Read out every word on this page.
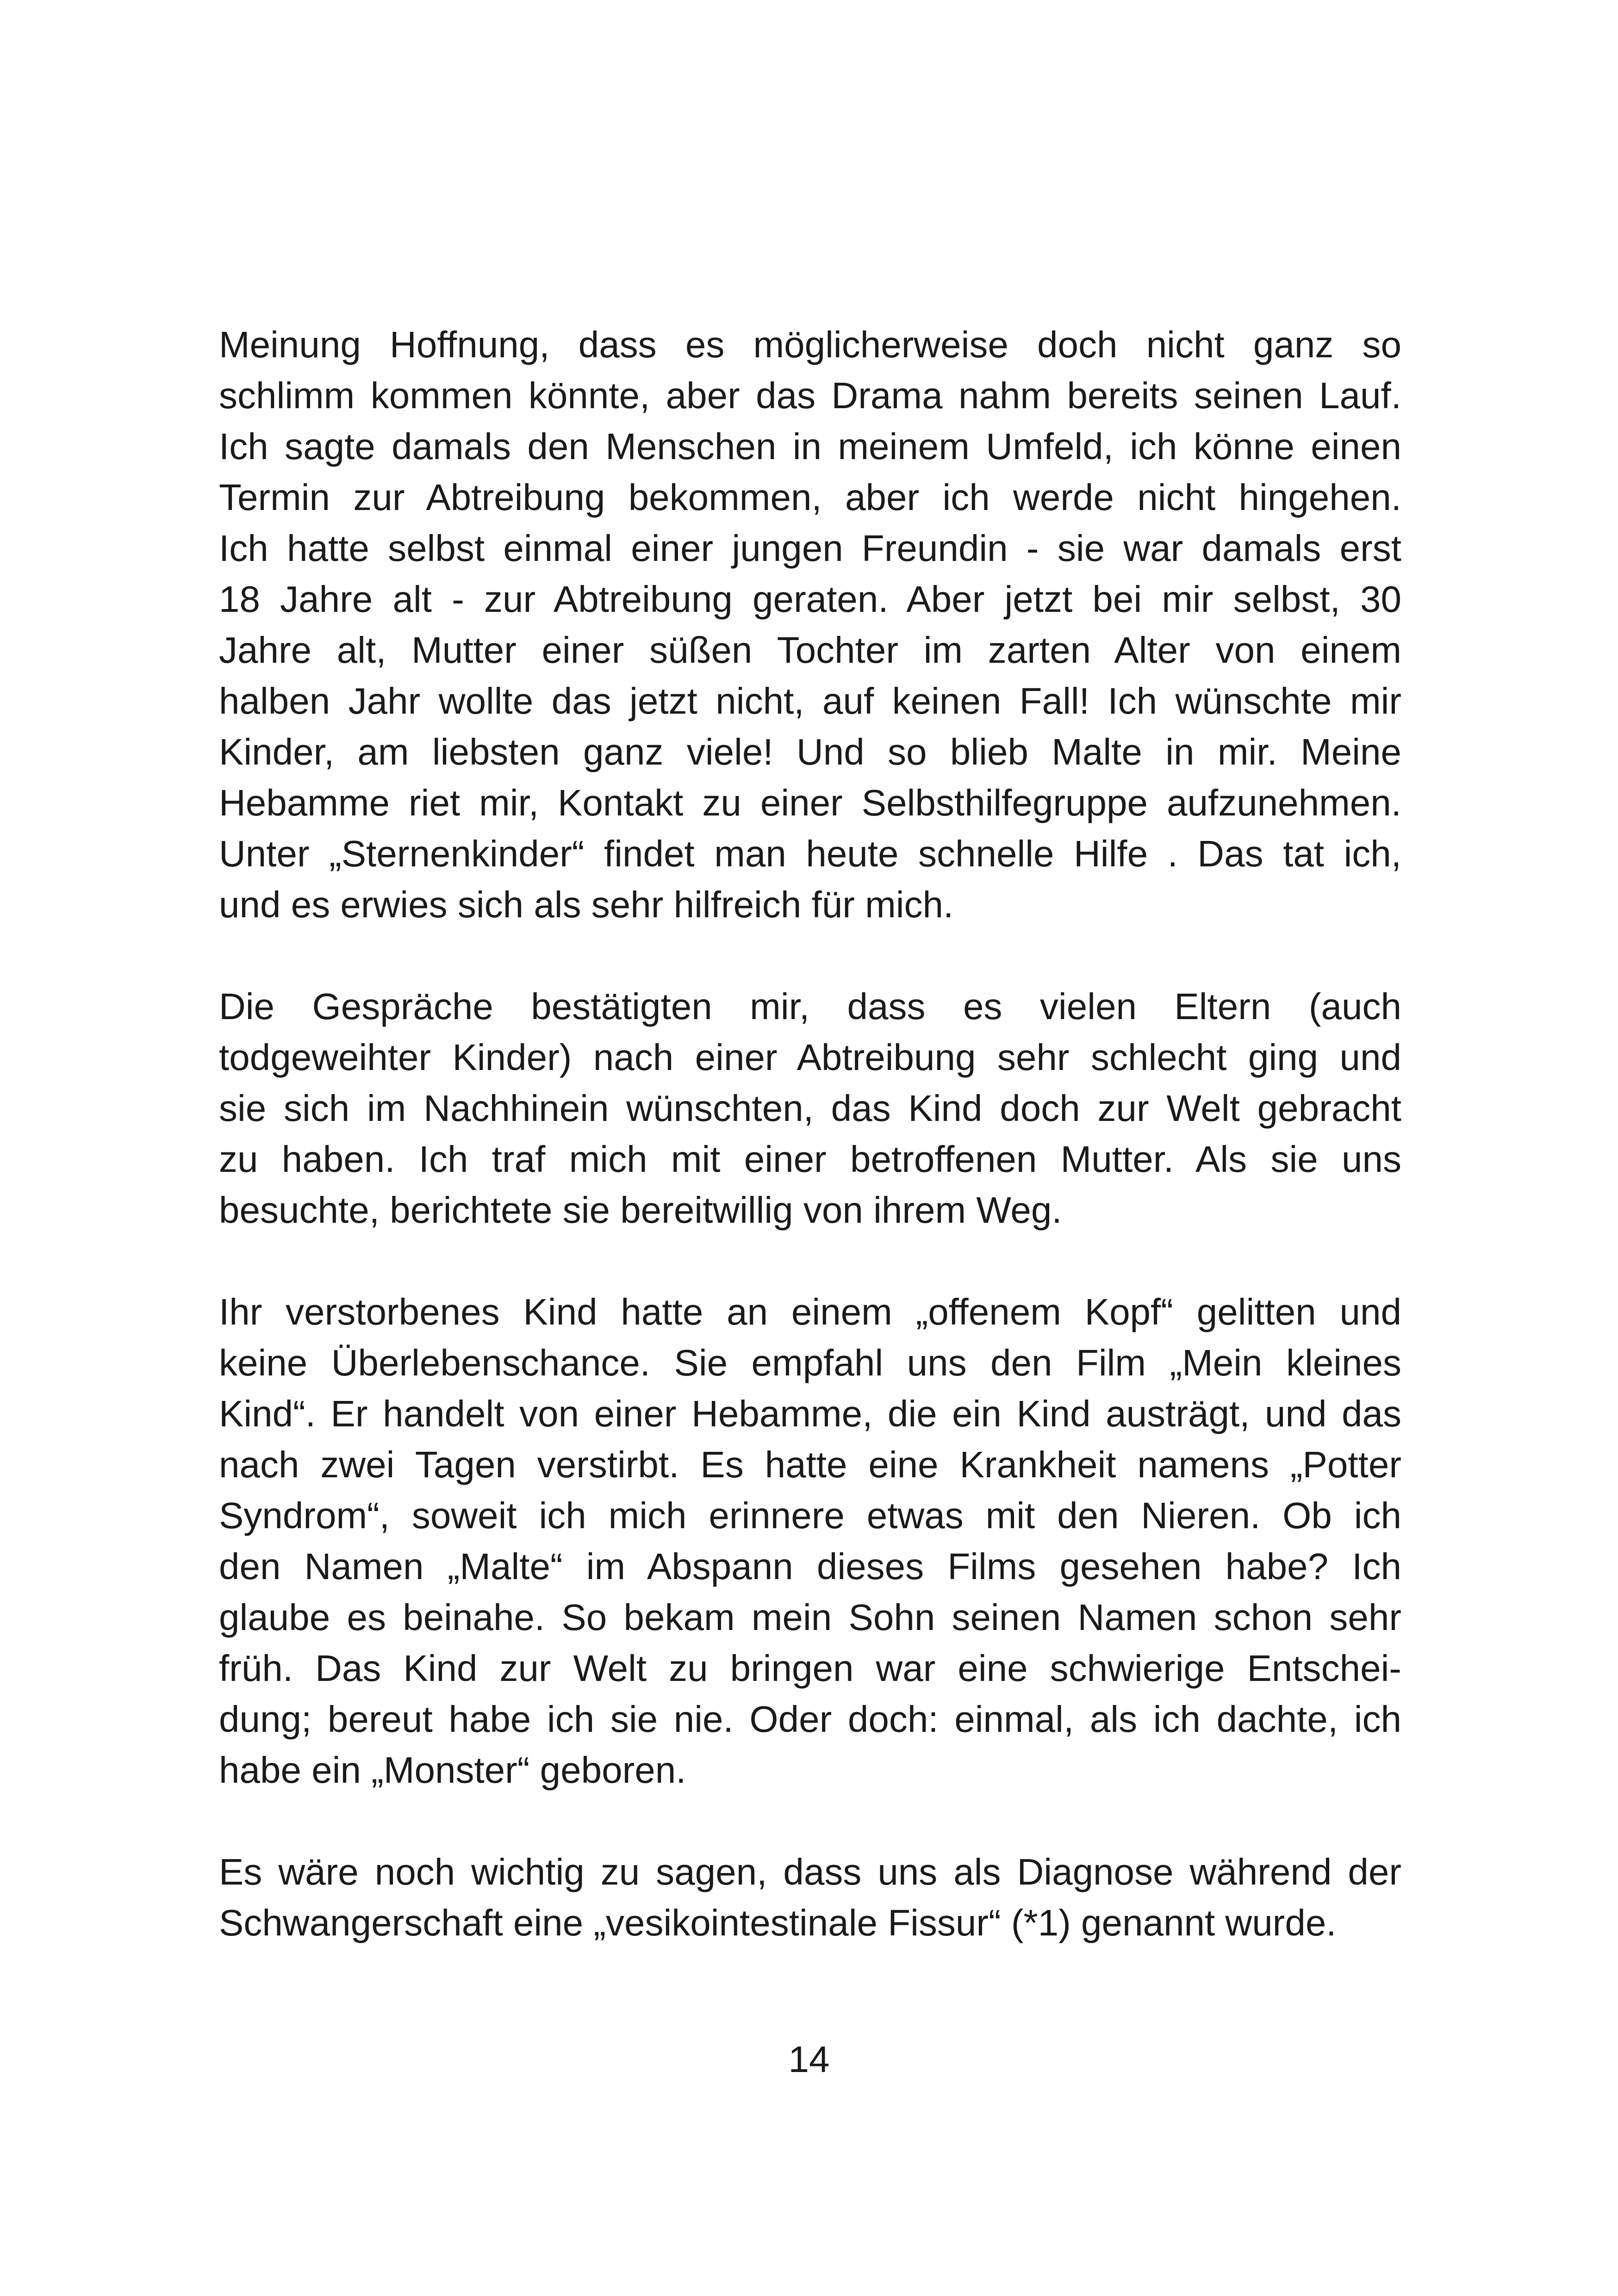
Meinung Hoffnung, dass es möglicherweise doch nicht ganz so
schlimm kommen könnte, aber das Drama nahm bereits seinen Lauf.
Ich sagte damals den Menschen in meinem Umfeld, ich könne einen
Termin zur Abtreibung bekommen, aber ich werde nicht hingehen.
Ich hatte selbst einmal einer jungen Freundin - sie war damals erst
18 Jahre alt - zur Abtreibung geraten. Aber jetzt bei mir selbst, 30
Jahre alt, Mutter einer süßen Tochter im zarten Alter von einem
halben Jahr wollte das jetzt nicht, auf keinen Fall! Ich wünschte mir
Kinder, am liebsten ganz viele! Und so blieb Malte in mir. Meine
Hebamme riet mir, Kontakt zu einer Selbsthilfegruppe aufzunehmen.
Unter „Sternenkinder“ findet man heute schnelle Hilfe . Das tat ich,
und es erwies sich als sehr hilfreich für mich.
Die Gespräche bestätigten mir, dass es vielen Eltern (auch
todgeweihter Kinder) nach einer Abtreibung sehr schlecht ging und
sie sich im Nachhinein wünschten, das Kind doch zur Welt gebracht
zu haben. Ich traf mich mit einer betroffenen Mutter. Als sie uns
besuchte, berichtete sie bereitwillig von ihrem Weg.
Ihr verstorbenes Kind hatte an einem „offenem Kopf“ gelitten und
keine Überlebenschance. Sie empfahl uns den Film „Mein kleines
Kind“. Er handelt von einer Hebamme, die ein Kind austrägt, und das
nach zwei Tagen verstirbt. Es hatte eine Krankheit namens „Potter
Syndrom“, soweit ich mich erinnere etwas mit den Nieren. Ob ich
den Namen „Malte“ im Abspann dieses Films gesehen habe? Ich
glaube es beinahe. So bekam mein Sohn seinen Namen schon sehr
früh. Das Kind zur Welt zu bringen war eine schwierige Entschei-
dung; bereut habe ich sie nie. Oder doch: einmal, als ich dachte, ich
habe ein „Monster“ geboren.
Es wäre noch wichtig zu sagen, dass uns als Diagnose während der
Schwangerschaft eine „vesikointestinale Fissur“ (*1) genannt wurde.
14
